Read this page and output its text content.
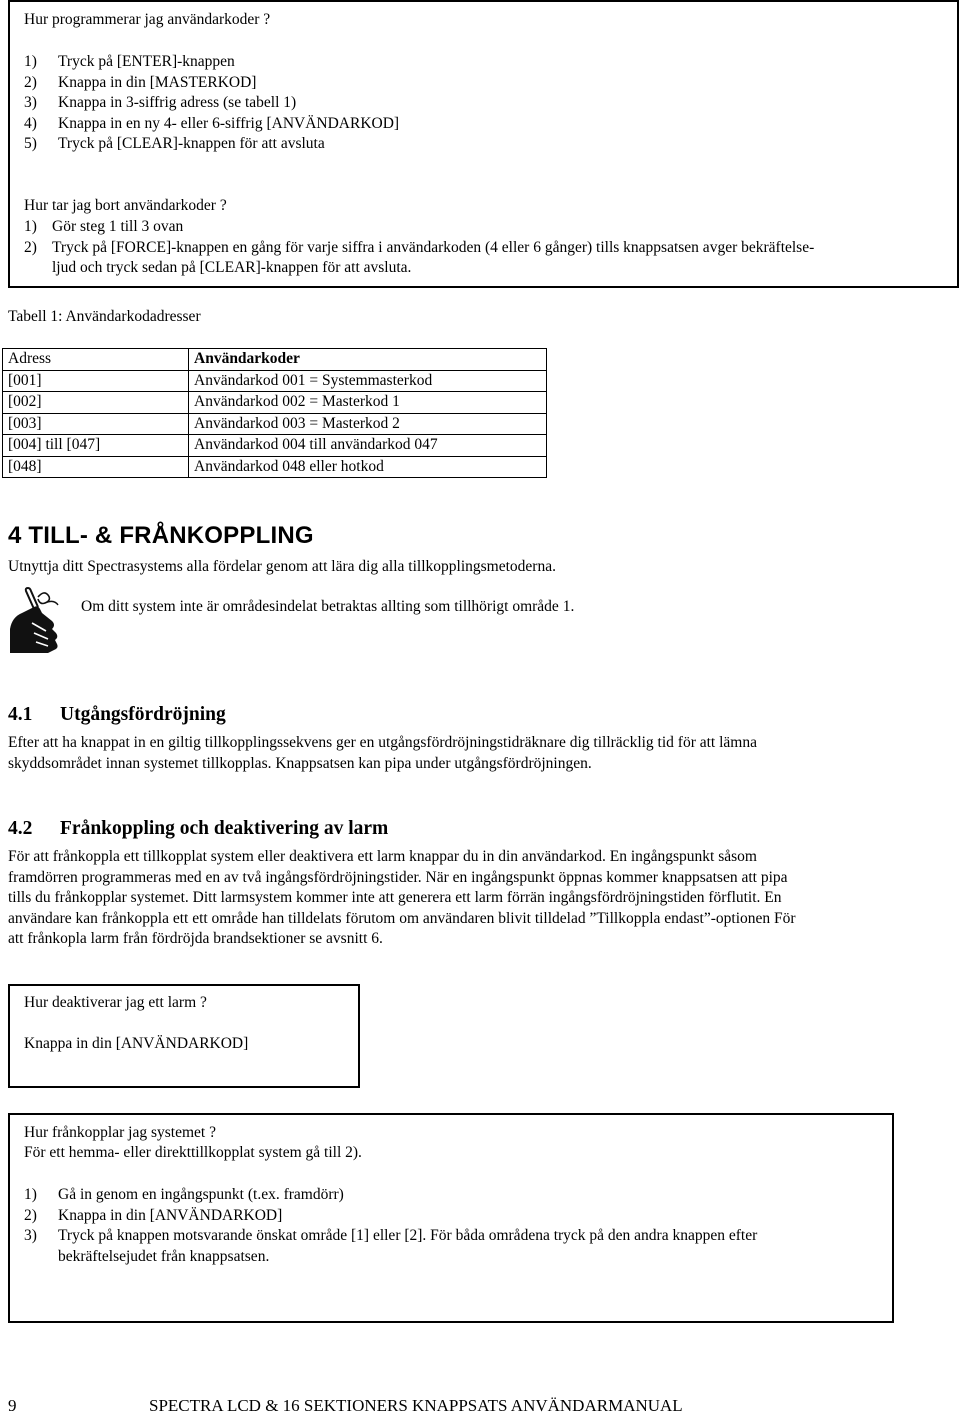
Hur programmerar jag användarkoder ?
1)	Tryck på [ENTER]-knappen
2)	Knappa in din [MASTERKOD]
3)	Knappa in 3-siffrig adress (se tabell 1)
4)	Knappa in en ny 4- eller 6-siffrig [ANVÄNDARKOD]
5)	Tryck på [CLEAR]-knappen för att avsluta
Hur tar jag bort användarkoder ?
1) Gör steg 1 till 3 ovan
2) Tryck på [FORCE]-knappen en gång för varje siffra i användarkoden (4 eller 6 gånger) tills knappsatsen avger bekräftelse-
ljud och tryck sedan på [CLEAR]-knappen för att avsluta.
Tabell 1: Användarkodadresser
Adress	Användarkoder
[001]	Användarkod 001 = Systemmasterkod
[002]	Användarkod 002 = Masterkod 1
[003]	Användarkod 003 = Masterkod 2
[004] till [047]	Användarkod 004 till användarkod 047
[048]	Användarkod 048 eller hotkod
4 TILL- & FRÅNKOPPLING
Utnyttja ditt Spectrasystems alla fördelar genom att lära dig alla tillkopplingsmetoderna.
Om ditt system inte är områdesindelat betraktas allting som tillhörigt område 1.
4.1 Utgångsfördröjning
Efter att ha knappat in en giltig tillkopplingssekvens ger en utgångsfördröjningstidräknare dig tillräcklig tid för att lämna
skyddsområdet innan systemet tillkopplas. Knappsatsen kan pipa under utgångsfördröjningen.
4.2 Frånkoppling och deaktivering av larm
För att frånkoppla ett tillkopplat system eller deaktivera ett larm knappar du in din användarkod. En ingångspunkt såsom
framdörren programmeras med en av två ingångsfördröjningstider. När en ingångspunkt öppnas kommer knappsatsen att pipa
tills du frånkopplar systemet. Ditt larmsystem kommer inte att generera ett larm förrän ingångsfördröjningstiden förflutit. En
användare kan frånkoppla ett ett område han tilldelats förutom om användaren blivit tilldelad ”Tillkoppla endast”-optionen För
att frånkopla larm från fördröjda brandsektioner se avsnitt 6.
Hur deaktiverar jag ett larm ?
Knappa in din [ANVÄNDARKOD]
Hur frånkopplar jag systemet ?
För ett hemma- eller direkttillkopplat system gå till 2).
1)	Gå in genom en ingångspunkt (t.ex. framdörr)
2)	Knappa in din [ANVÄNDARKOD]
3)	Tryck på knappen motsvarande önskat område [1] eller [2]. För båda områdena tryck på den andra knappen efter
bekräftelsejudet från knappsatsen.
9	SPECTRA LCD & 16 SEKTIONERS KNAPPSATS ANVÄNDARMANUAL
